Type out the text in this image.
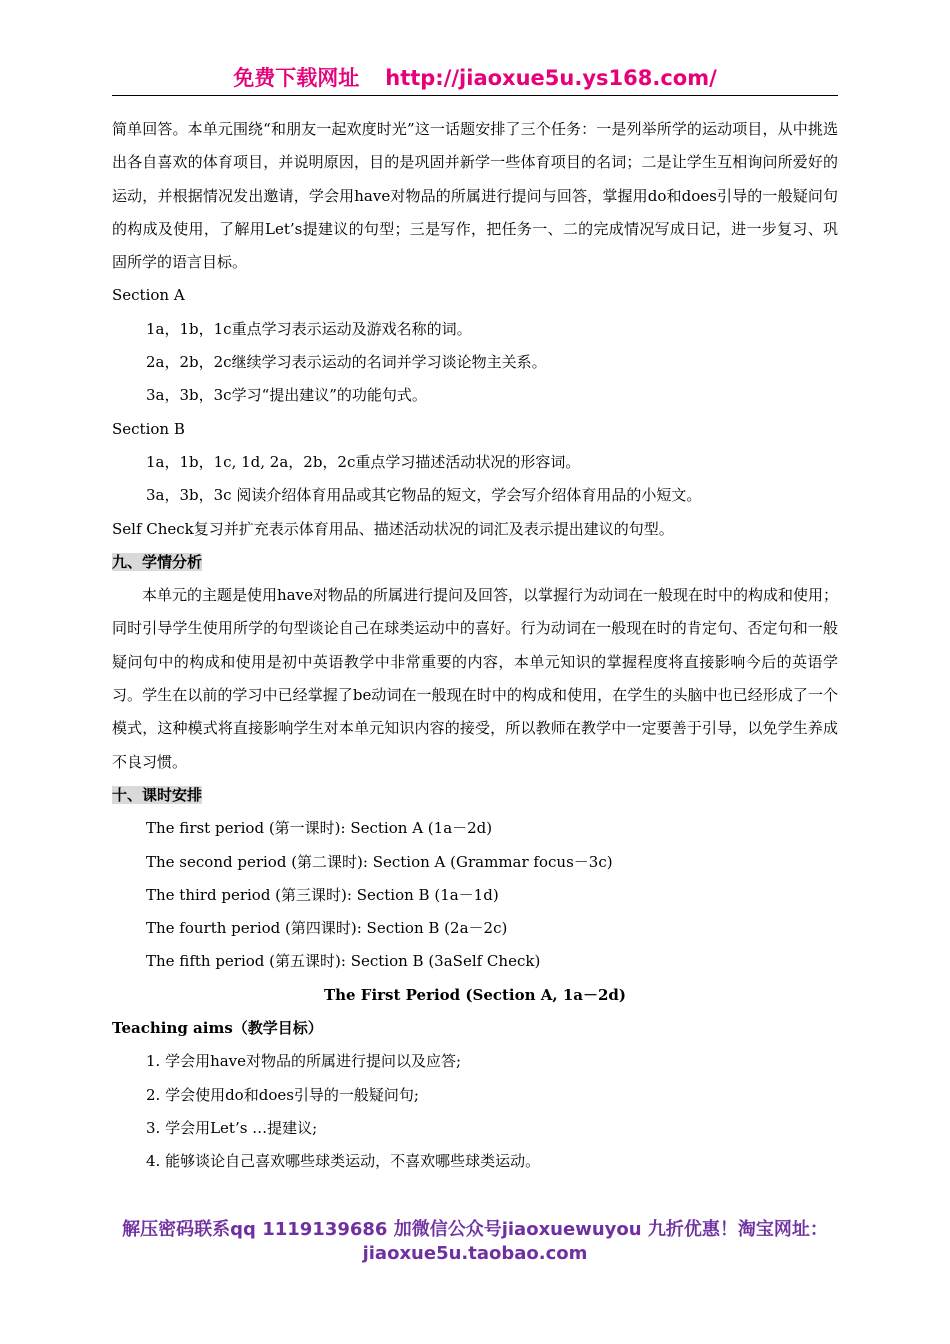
免费下载网址 http://jiaoxue5u.ys168.com/
简单回答。本单元围绕“和朋友一起欢度时光”这一话题安排了三个任务：一是列举所学的运动项目，从中挑选出各自喜欢的体育项目，并说明原因，目的是巩固并新学一些体育项目的名词；二是让学生互相询问所爱好的运动，并根据情况发出邀请，学会用have对物品的所属进行提问与回答，掌握用do和does引导的一般疑问句的构成及使用，了解用Let’s提建议的句型；三是写作，把任务一、二的完成情况写成日记，进一步复习、巩固所学的语言目标。
Section A
1a，1b，1c重点学习表示运动及游戏名称的词。
2a，2b，2c继续学习表示运动的名词并学习谈论物主关系。
3a，3b，3c学习“提出建议”的功能句式。
Section B
1a，1b，1c, 1d, 2a，2b，2c重点学习描述活动状况的形容词。
3a，3b，3c 阅读介绍体育用品或其它物品的短文，学会写介绍体育用品的小短文。
Self Check复习并扩充表示体育用品、描述活动状况的词汇及表示提出建议的句型。
九、学情分析
本单元的主题是使用have对物品的所属进行提问及回答，以掌握行为动词在一般现在时中的构成和使用；同时引导学生使用所学的句型谈论自己在球类运动中的喜好。行为动词在一般现在时的肯定句、否定句和一般疑问句中的构成和使用是初中英语教学中非常重要的内容，本单元知识的掌握程度将直接影响今后的英语学习。学生在以前的学习中已经掌握了be动词在一般现在时中的构成和使用，在学生的头脑中也已经形成了一个模式，这种模式将直接影响学生对本单元知识内容的接受，所以教师在教学中一定要善于引导，以免学生养成不良习惯。
十、课时安排
The first period (第一课时): Section A (1a－2d)
The second period (第二课时): Section A (Grammar focus－3c)
The third period (第三课时): Section B (1a－1d)
The fourth period (第四课时): Section B (2a－2c)
The fifth period (第五课时): Section B (3aSelf Check)
The First Period (Section A, 1a－2d)
Teaching aims（教学目标）
1. 学会用have对物品的所属进行提问以及应答;
2. 学会使用do和does引导的一般疑问句;
3. 学会用Let’s …提建议;
4. 能够谈论自己喜欢哪些球类运动，不喜欢哪些球类运动。
解压密码联系qq 1119139686 加微信公众号jiaoxuewuyou 九折优惠！淘宝网址：jiaoxue5u.taobao.com
